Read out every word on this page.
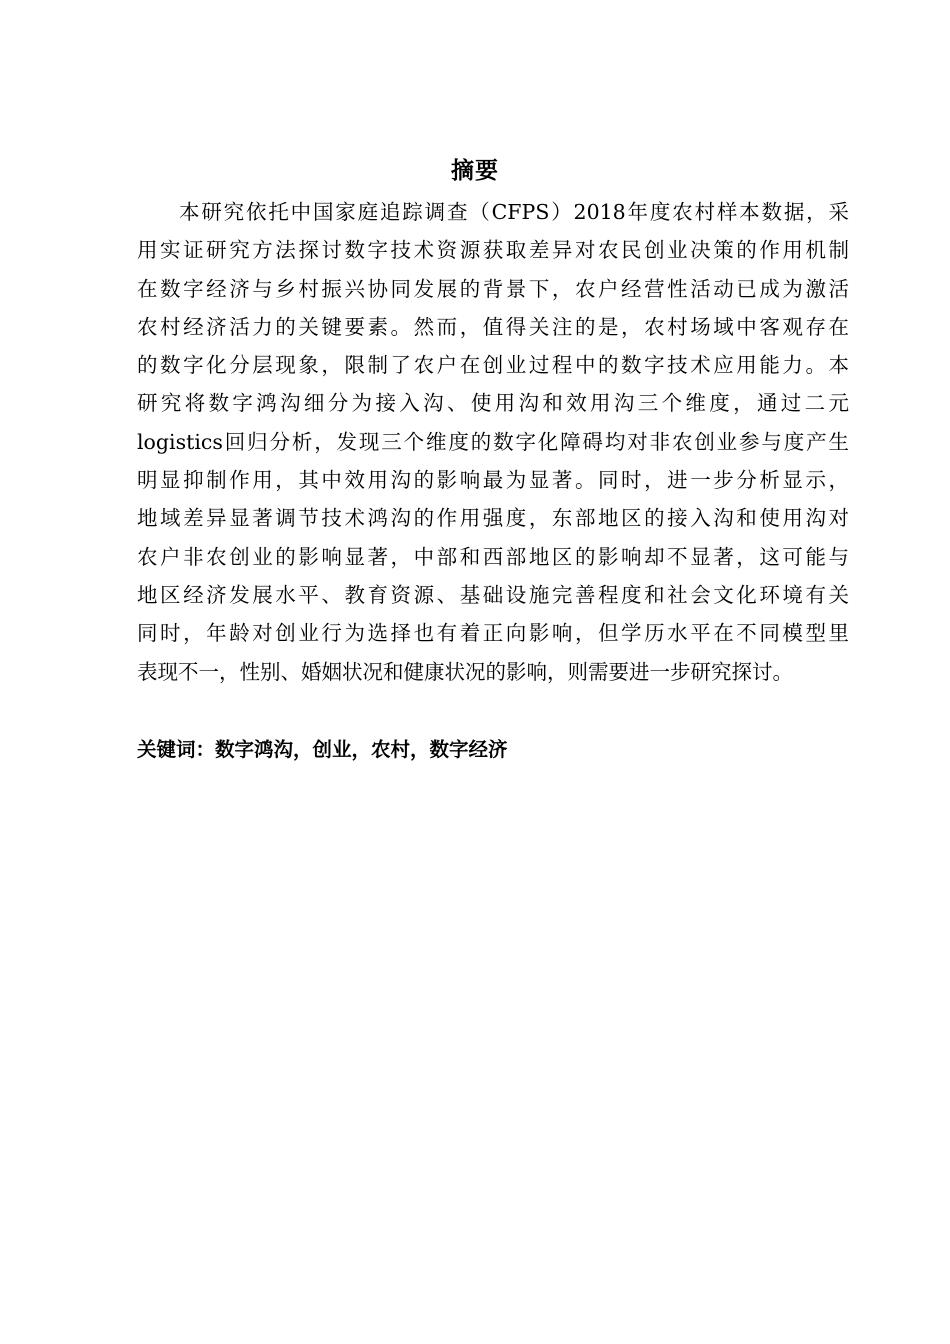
摘要
本研究依托中国家庭追踪调查（CFPS）2018年度农村样本数据，采
用实证研究方法探讨数字技术资源获取差异对农民创业决策的作用机制
在数字经济与乡村振兴协同发展的背景下，农户经营性活动已成为激活
农村经济活力的关键要素。然而，值得关注的是，农村场域中客观存在
的数字化分层现象，限制了农户在创业过程中的数字技术应用能力。本
研究将数字鸿沟细分为接入沟、使用沟和效用沟三个维度，通过二元
logistics回归分析，发现三个维度的数字化障碍均对非农创业参与度产生
明显抑制作用，其中效用沟的影响最为显著。同时，进一步分析显示，
地域差异显著调节技术鸿沟的作用强度，东部地区的接入沟和使用沟对
农户非农创业的影响显著，中部和西部地区的影响却不显著，这可能与
地区经济发展水平、教育资源、基础设施完善程度和社会文化环境有关
同时，年龄对创业行为选择也有着正向影响，但学历水平在不同模型里
表现不一，性别、婚姻状况和健康状况的影响，则需要进一步研究探讨。
关键词：数字鸿沟，创业，农村，数字经济
